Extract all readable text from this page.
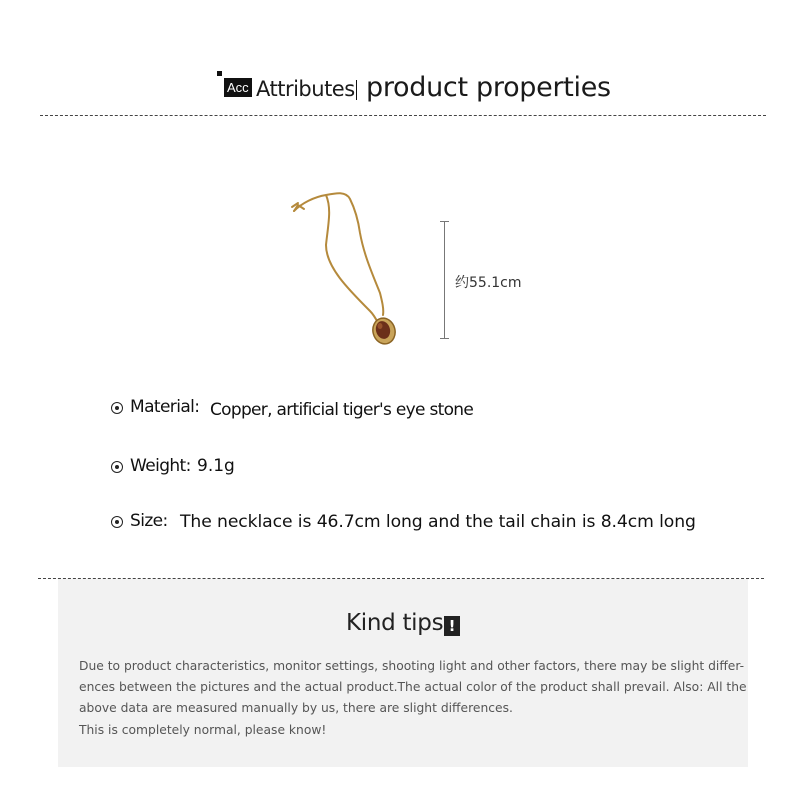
Acc Attributes product properties
约55.1cm
Material: Copper, artificial tiger's eye stone
Weight: 9.1g
Size: The necklace is 46.7cm long and the tail chain is 8.4cm long
Kind tips !
Due to product characteristics, monitor settings, shooting light and other factors, there may be slight differ-
ences between the pictures and the actual product.The actual color of the product shall prevail. Also: All the
above data are measured manually by us, there are slight differences.
This is completely normal, please know!
